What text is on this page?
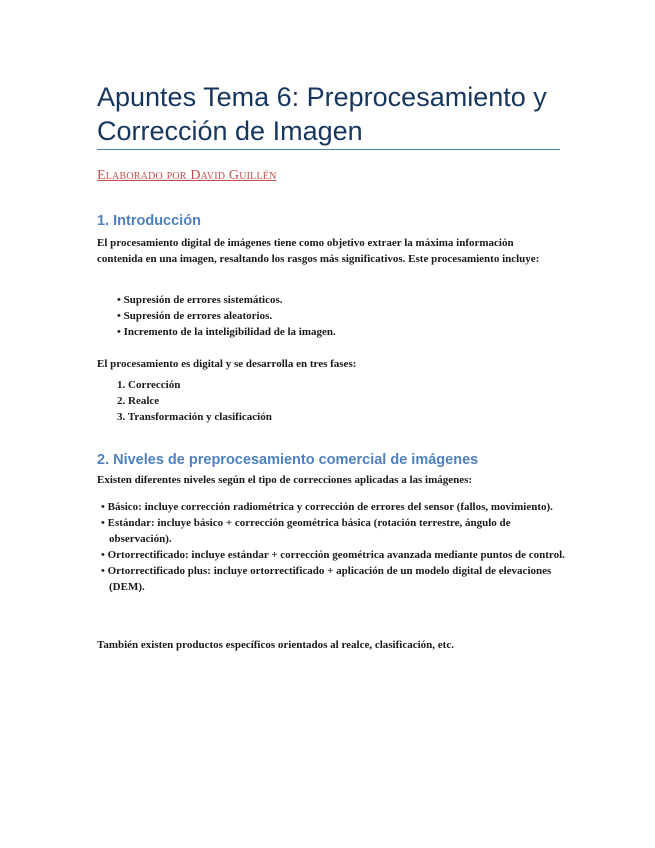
Apuntes Tema 6: Preprocesamiento y Corrección de Imagen
Elaborado por David Guillén
1. Introducción
El procesamiento digital de imágenes tiene como objetivo extraer la máxima información contenida en una imagen, resaltando los rasgos más significativos. Este procesamiento incluye:
• Supresión de errores sistemáticos.
• Supresión de errores aleatorios.
• Incremento de la inteligibilidad de la imagen.
El procesamiento es digital y se desarrolla en tres fases:
1. Corrección
2. Realce
3. Transformación y clasificación
2. Niveles de preprocesamiento comercial de imágenes
Existen diferentes niveles según el tipo de correcciones aplicadas a las imágenes:
• Básico: incluye corrección radiométrica y corrección de errores del sensor (fallos, movimiento).
• Estándar: incluye básico + corrección geométrica básica (rotación terrestre, ángulo de observación).
• Ortorrectificado: incluye estándar + corrección geométrica avanzada mediante puntos de control.
• Ortorrectificado plus: incluye ortorrectificado + aplicación de un modelo digital de elevaciones (DEM).
También existen productos específicos orientados al realce, clasificación, etc.
